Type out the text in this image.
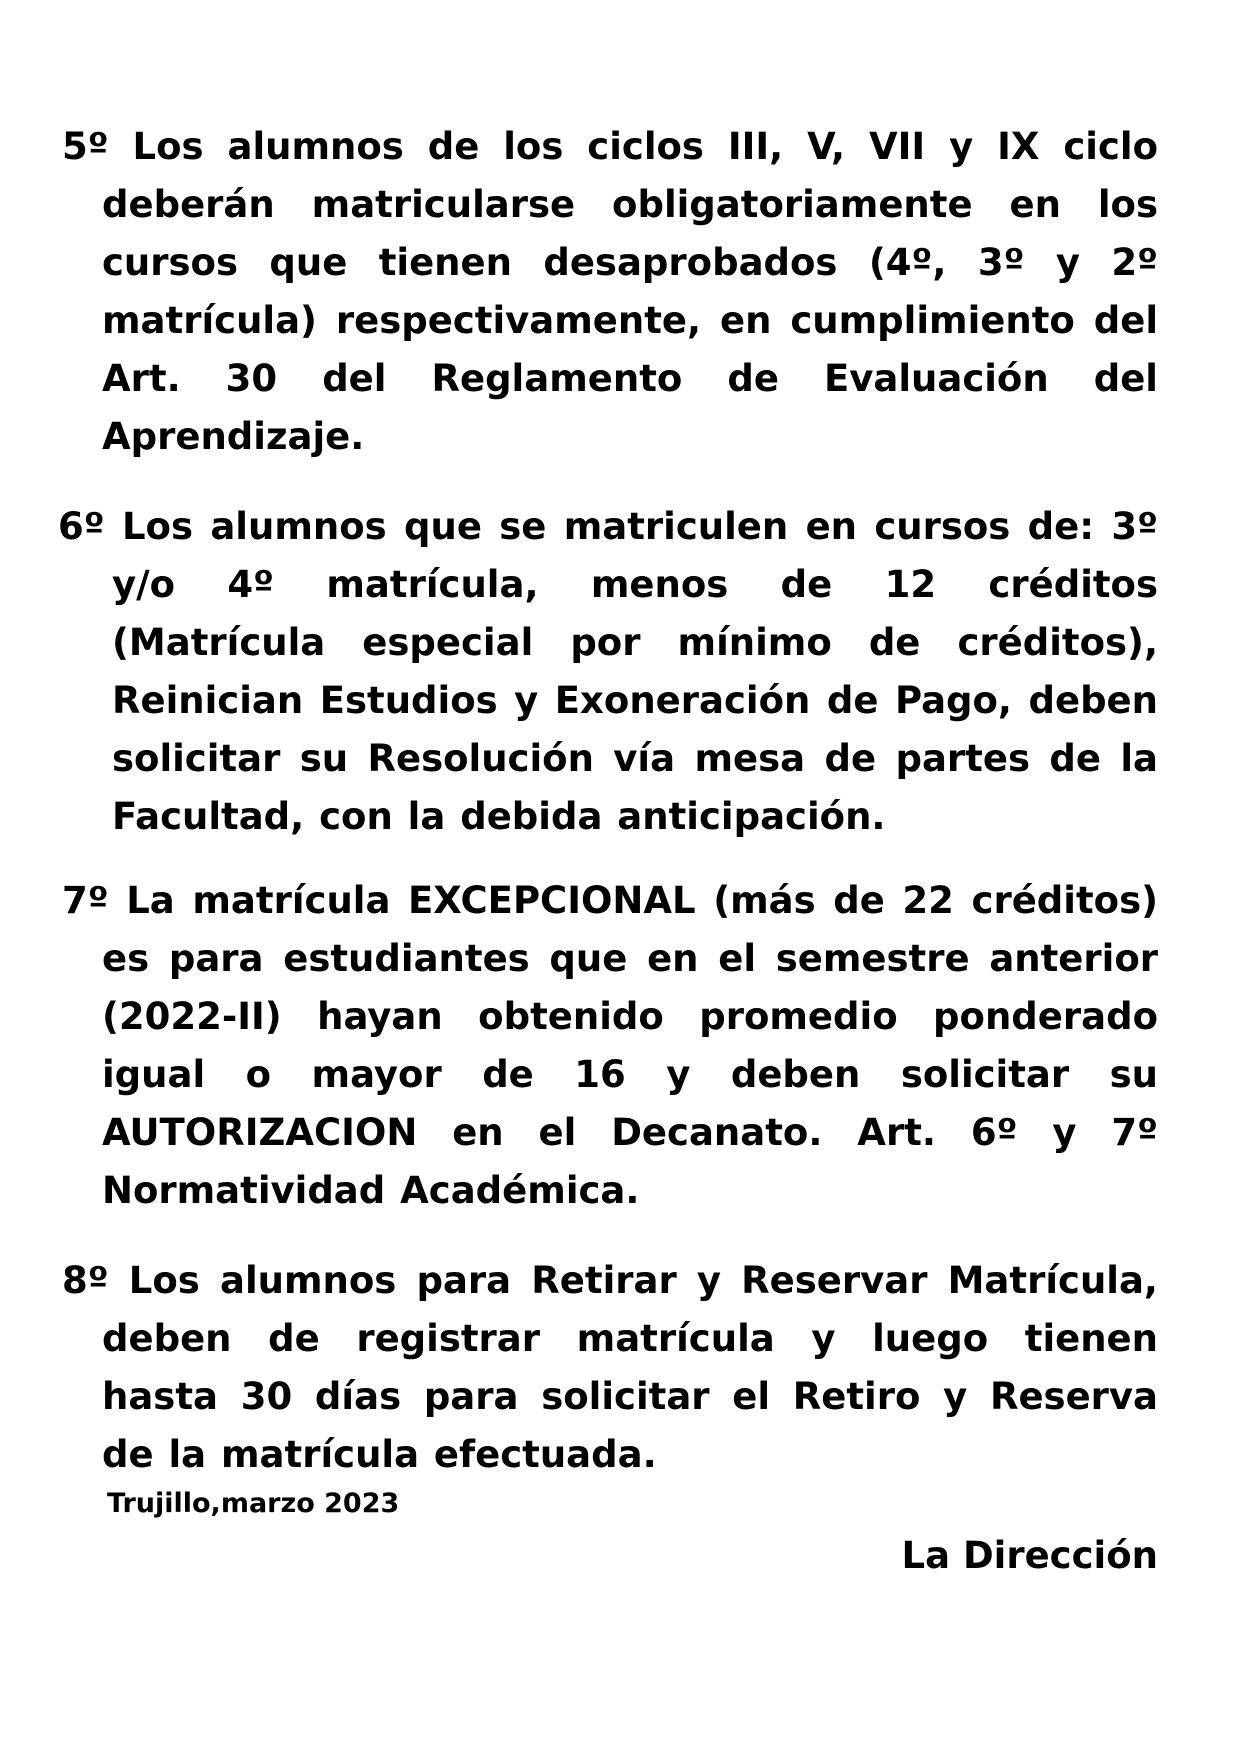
5º Los alumnos de los ciclos III, V, VII y IX ciclo deberán matricularse obligatoriamente en los cursos que tienen desaprobados (4º, 3º y 2º matrícula) respectivamente, en cumplimiento del Art. 30 del Reglamento de Evaluación del Aprendizaje.

6º Los alumnos que se matriculen en cursos de: 3º y/o 4º matrícula, menos de 12 créditos (Matrícula especial por mínimo de créditos), Reinician Estudios y Exoneración de Pago, deben solicitar su Resolución vía mesa de partes de la Facultad, con la debida anticipación.

7º La matrícula EXCEPCIONAL (más de 22 créditos) es para estudiantes que en el semestre anterior (2022-II) hayan obtenido promedio ponderado igual o mayor de 16 y deben solicitar su AUTORIZACION en el Decanato. Art. 6º y 7º Normatividad Académica.

8º Los alumnos para Retirar y Reservar Matrícula, deben de registrar matrícula y luego tienen hasta 30 días para solicitar el Retiro y Reserva de la matrícula efectuada.

Trujillo,marzo 2023
La Dirección
